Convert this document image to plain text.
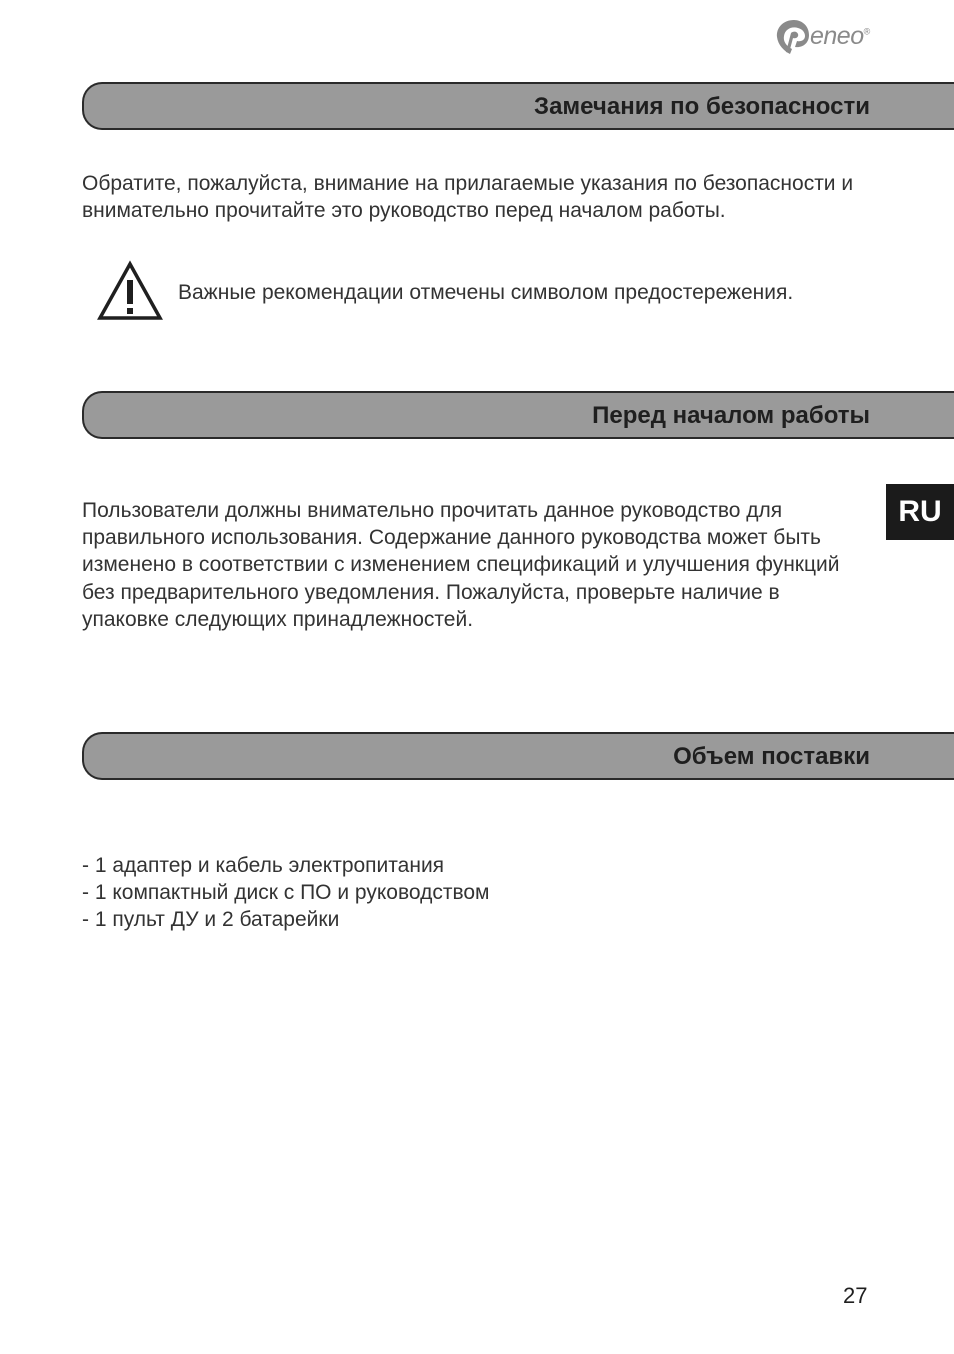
eneo®
Замечания по безопасности

Обратите, пожалуйста, внимание на прилагаемые указания по безопасности и внимательно прочитайте это руководство перед началом работы.

Важные рекомендации отмечены символом предостережения.

Перед началом работы

Пользователи должны внимательно прочитать данное руководство для правильного использования. Содержание данного руководства может быть изменено в соответствии с изменением спецификаций и улучшения функций без предварительного уведомления. Пожалуйста, проверьте наличие в упаковке следующих принадлежностей.

RU
Объем поставки
- 1 адаптер и кабель электропитания
- 1 компактный диск с ПО и руководством
- 1 пульт ДУ и 2 батарейки
27
